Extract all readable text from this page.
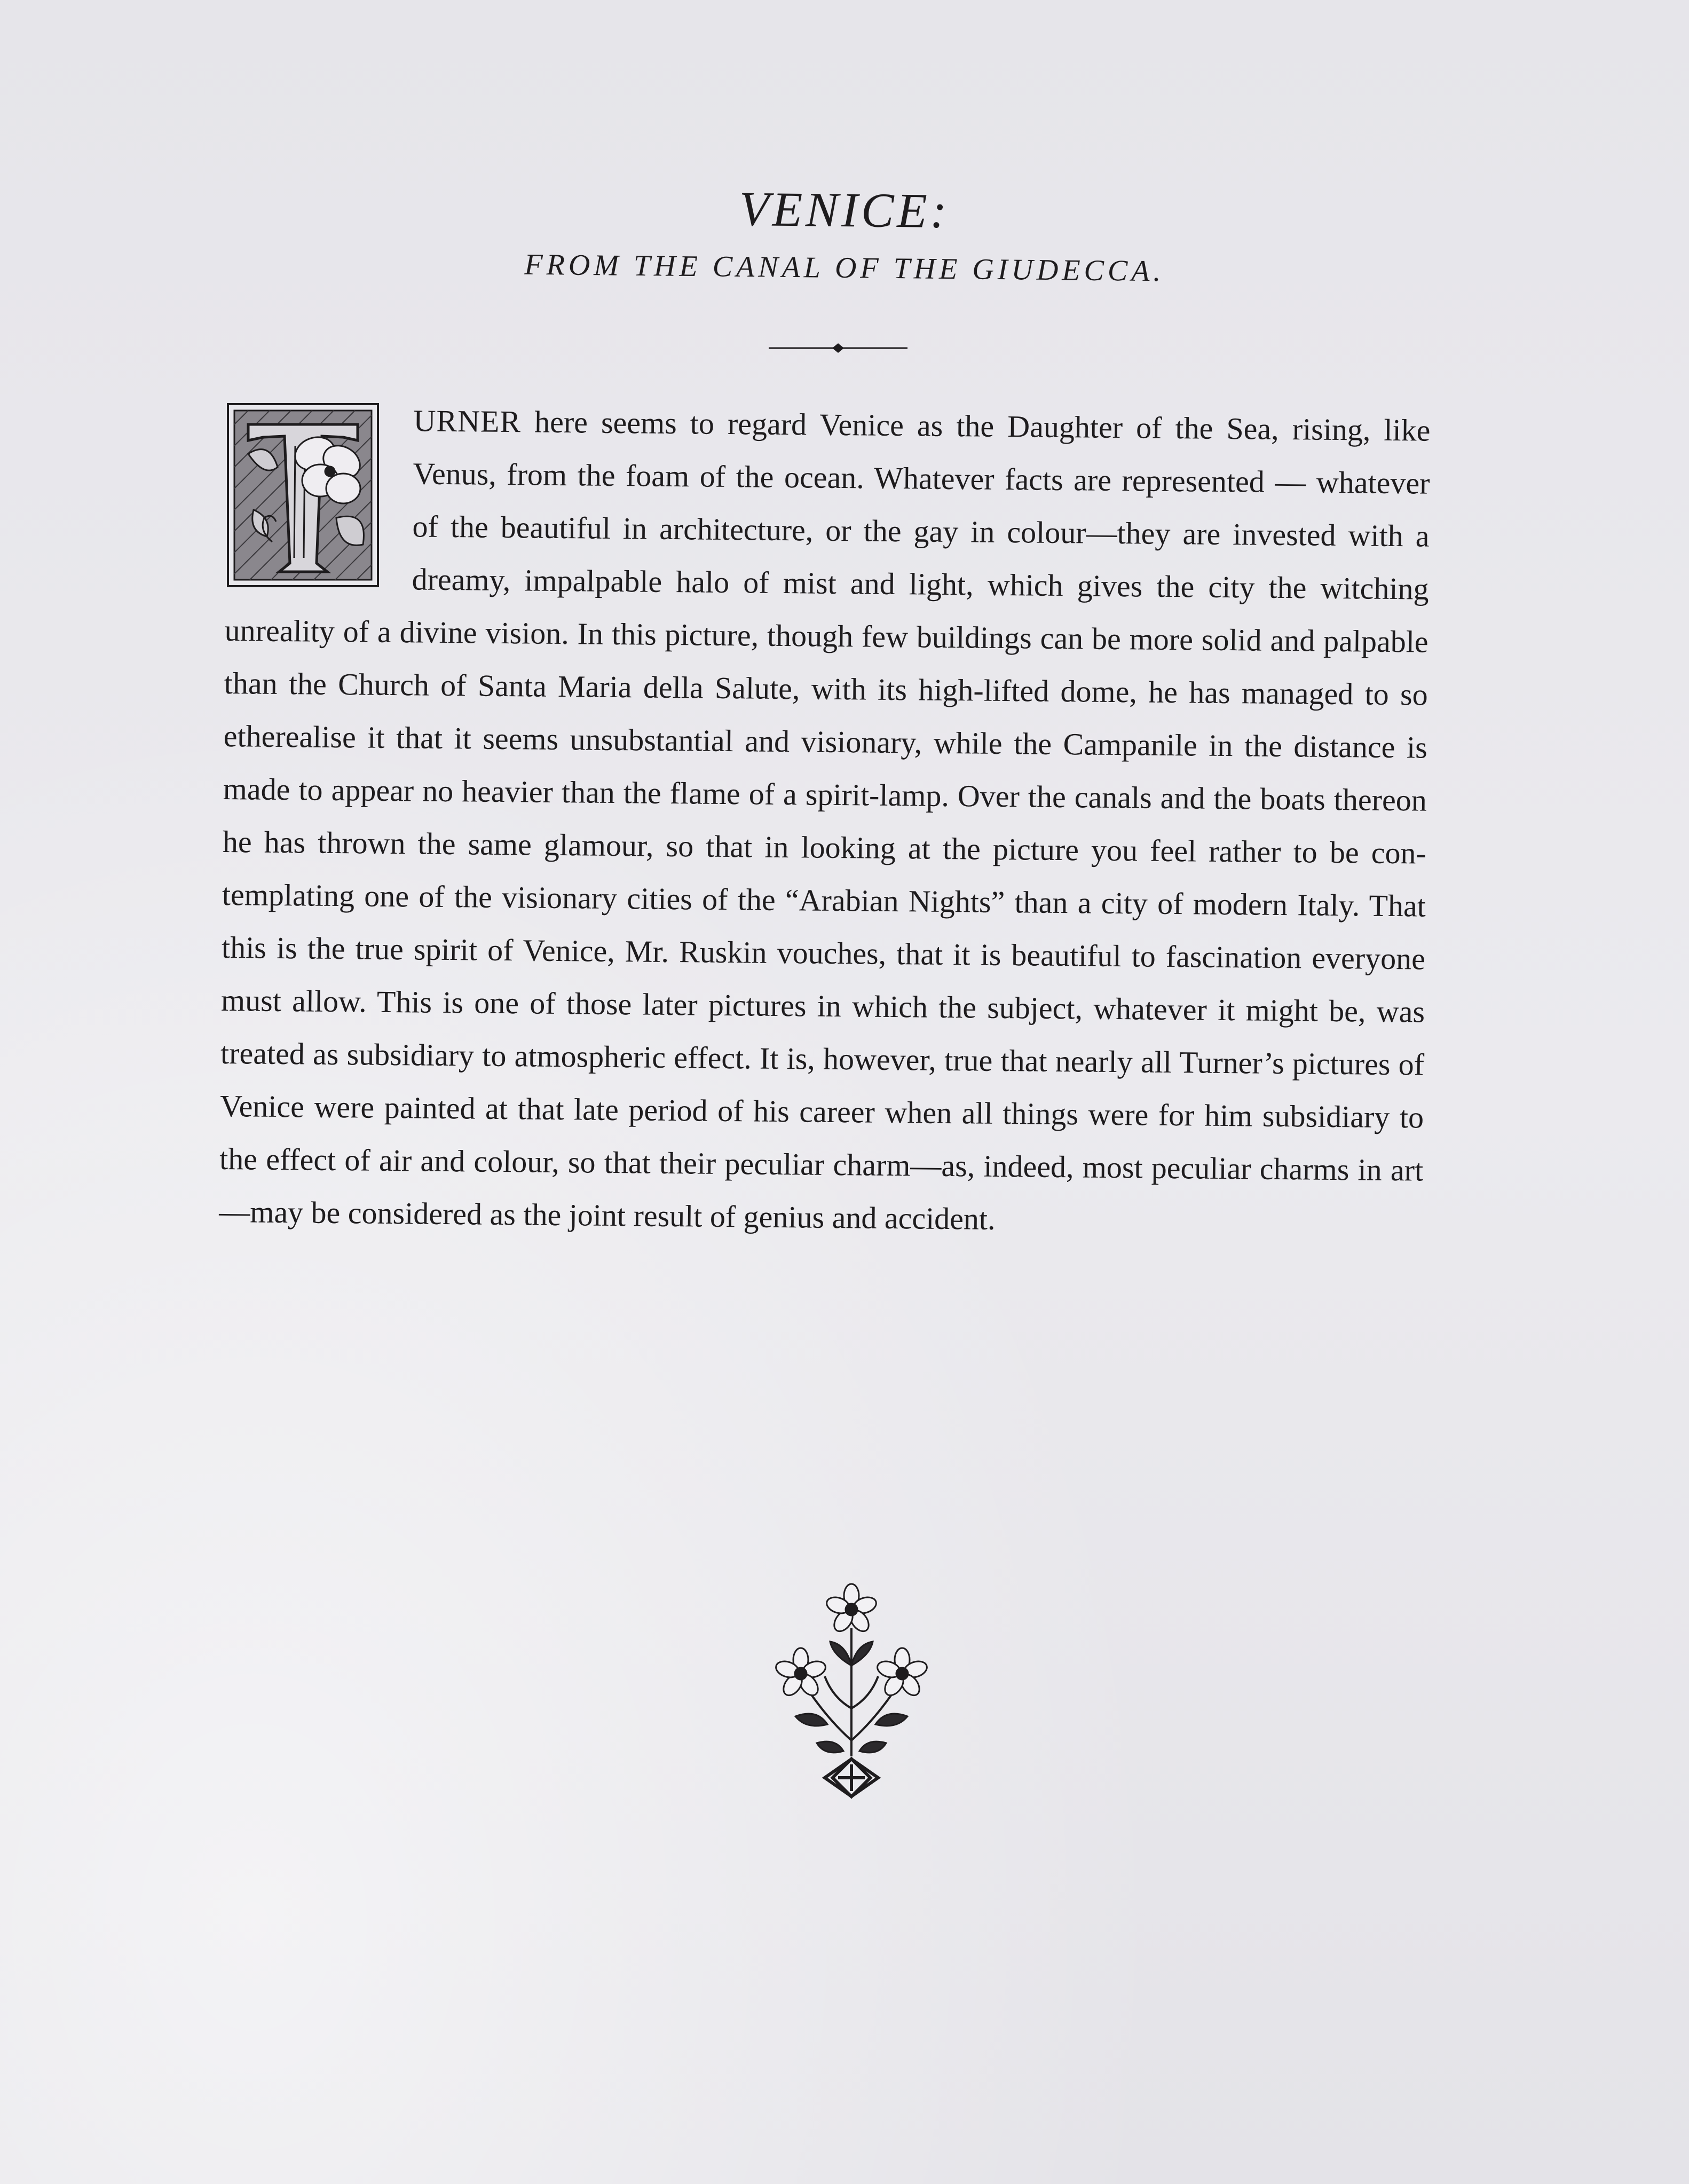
VENICE:
FROM THE CANAL OF THE GIUDECCA.

URNER here seems to regard Venice as the Daughter of the Sea, rising, like Venus, from the foam of the ocean. Whatever facts are represented — whatever of the beautiful in architecture, or the gay in colour—they are invested with a dreamy, impalpable halo of mist and light, which gives the city the witching unreality of a divine vision. In this picture, though few buildings can be more solid and palpable than the Church of Santa Maria della Salute, with its high-lifted dome, he has managed to so etherealise it that it seems unsubstantial and visionary, while the Campanile in the distance is made to appear no heavier than the flame of a spirit-lamp. Over the canals and the boats thereon he has thrown the same glamour, so that in looking at the picture you feel rather to be con-templating one of the visionary cities of the “Arabian Nights” than a city of modern Italy. That this is the true spirit of Venice, Mr. Ruskin vouches, that it is beautiful to fascination everyone must allow. This is one of those later pictures in which the subject, whatever it might be, was treated as subsidiary to atmospheric effect. It is, however, true that nearly all Turner’s pictures of Venice were painted at that late period of his career when all things were for him subsidiary to the effect of air and colour, so that their peculiar charm—as, indeed, most peculiar charms in art—may be considered as the joint result of genius and accident.
